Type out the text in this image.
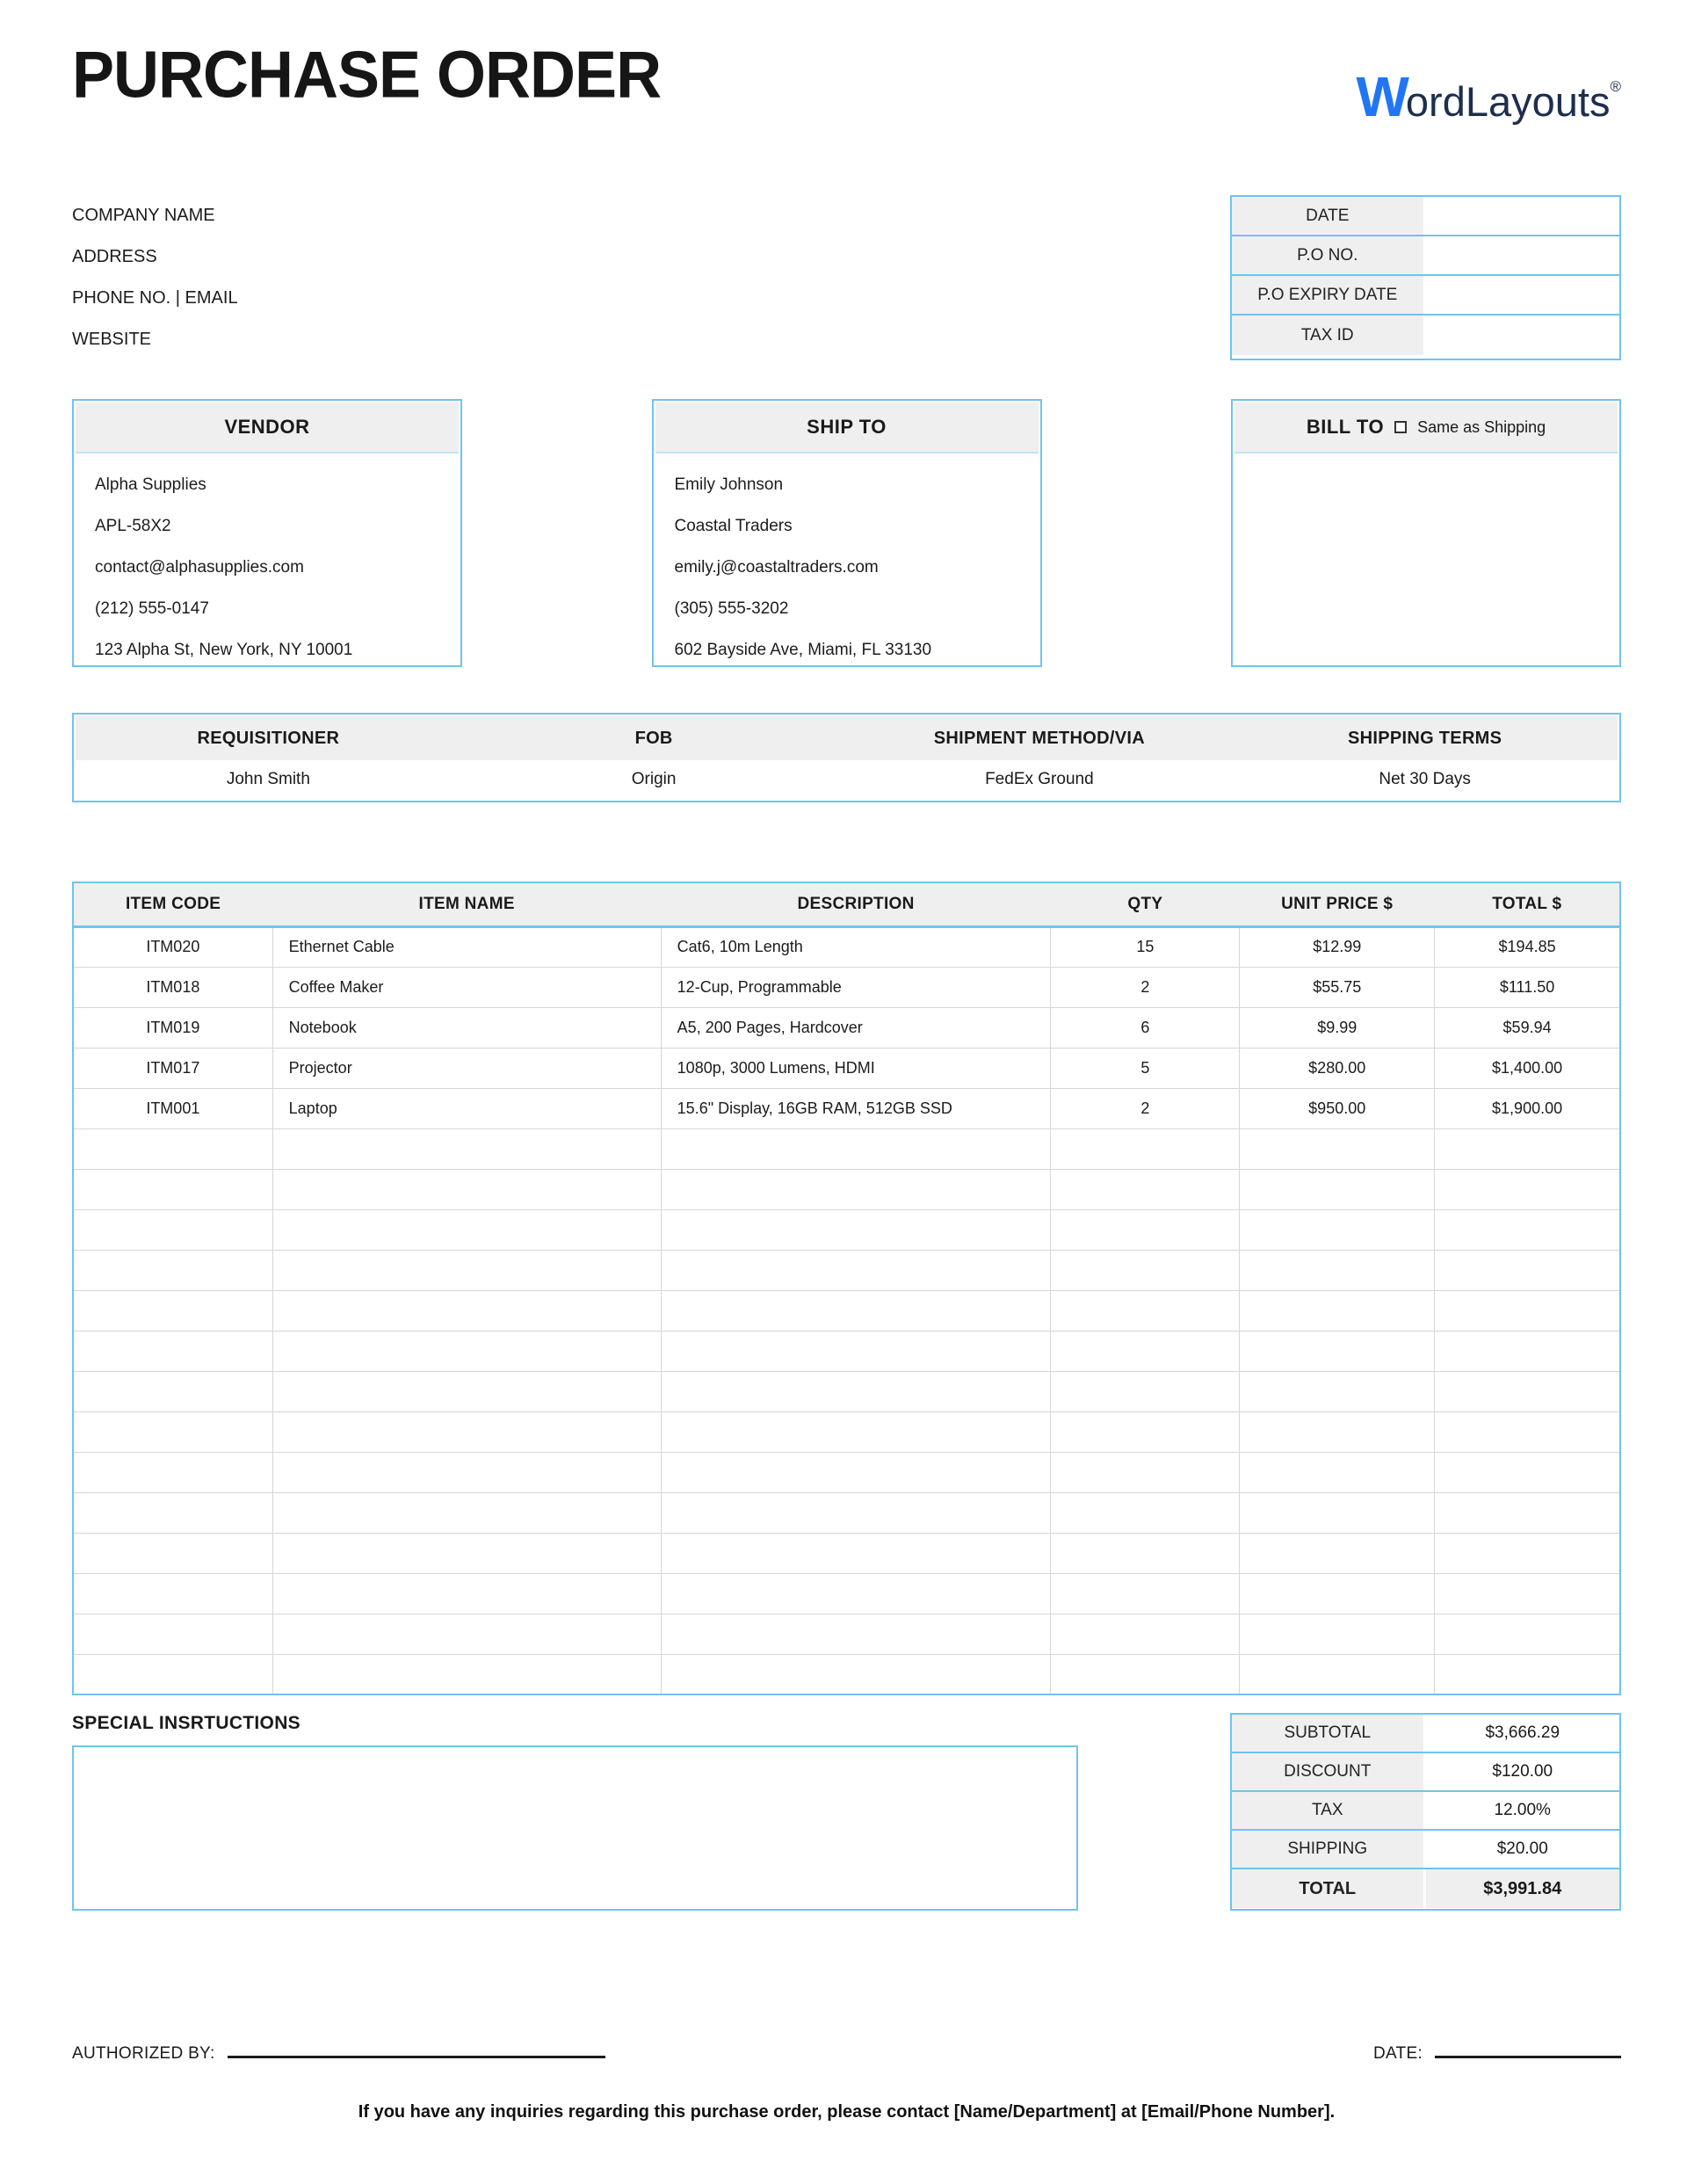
PURCHASE ORDER	WordLayouts®
COMPANY NAME
ADDRESS
PHONE NO. | EMAIL
WEBSITE
DATE
P.O NO.
P.O EXPIRY DATE
TAX ID
VENDOR
Alpha Supplies
APL-58X2
contact@alphasupplies.com
(212) 555-0147
123 Alpha St, New York, NY 10001
SHIP TO
Emily Johnson
Coastal Traders
emily.j@coastaltraders.com
(305) 555-3202
602 Bayside Ave, Miami, FL 33130
BILL TO Same as Shipping
REQUISITIONER	FOB	SHIPMENT METHOD/VIA	SHIPPING TERMS
John Smith	Origin	FedEx Ground	Net 30 Days
ITEM CODE	ITEM NAME	DESCRIPTION	QTY	UNIT PRICE $	TOTAL $
ITM020	Ethernet Cable	Cat6, 10m Length	15	$12.99	$194.85
ITM018	Coffee Maker	12-Cup, Programmable	2	$55.75	$111.50
ITM019	Notebook	A5, 200 Pages, Hardcover	6	$9.99	$59.94
ITM017	Projector	1080p, 3000 Lumens, HDMI	5	$280.00	$1,400.00
ITM001	Laptop	15.6" Display, 16GB RAM, 512GB SSD	2	$950.00	$1,900.00

SPECIAL INSRTUCTIONS	SUBTOTAL	$3,666.29
DISCOUNT	$120.00
TAX	12.00%
SHIPPING	$20.00
TOTAL	$3,991.84
AUTHORIZED BY:	DATE:
If you have any inquiries regarding this purchase order, please contact [Name/Department] at [Email/Phone Number].
